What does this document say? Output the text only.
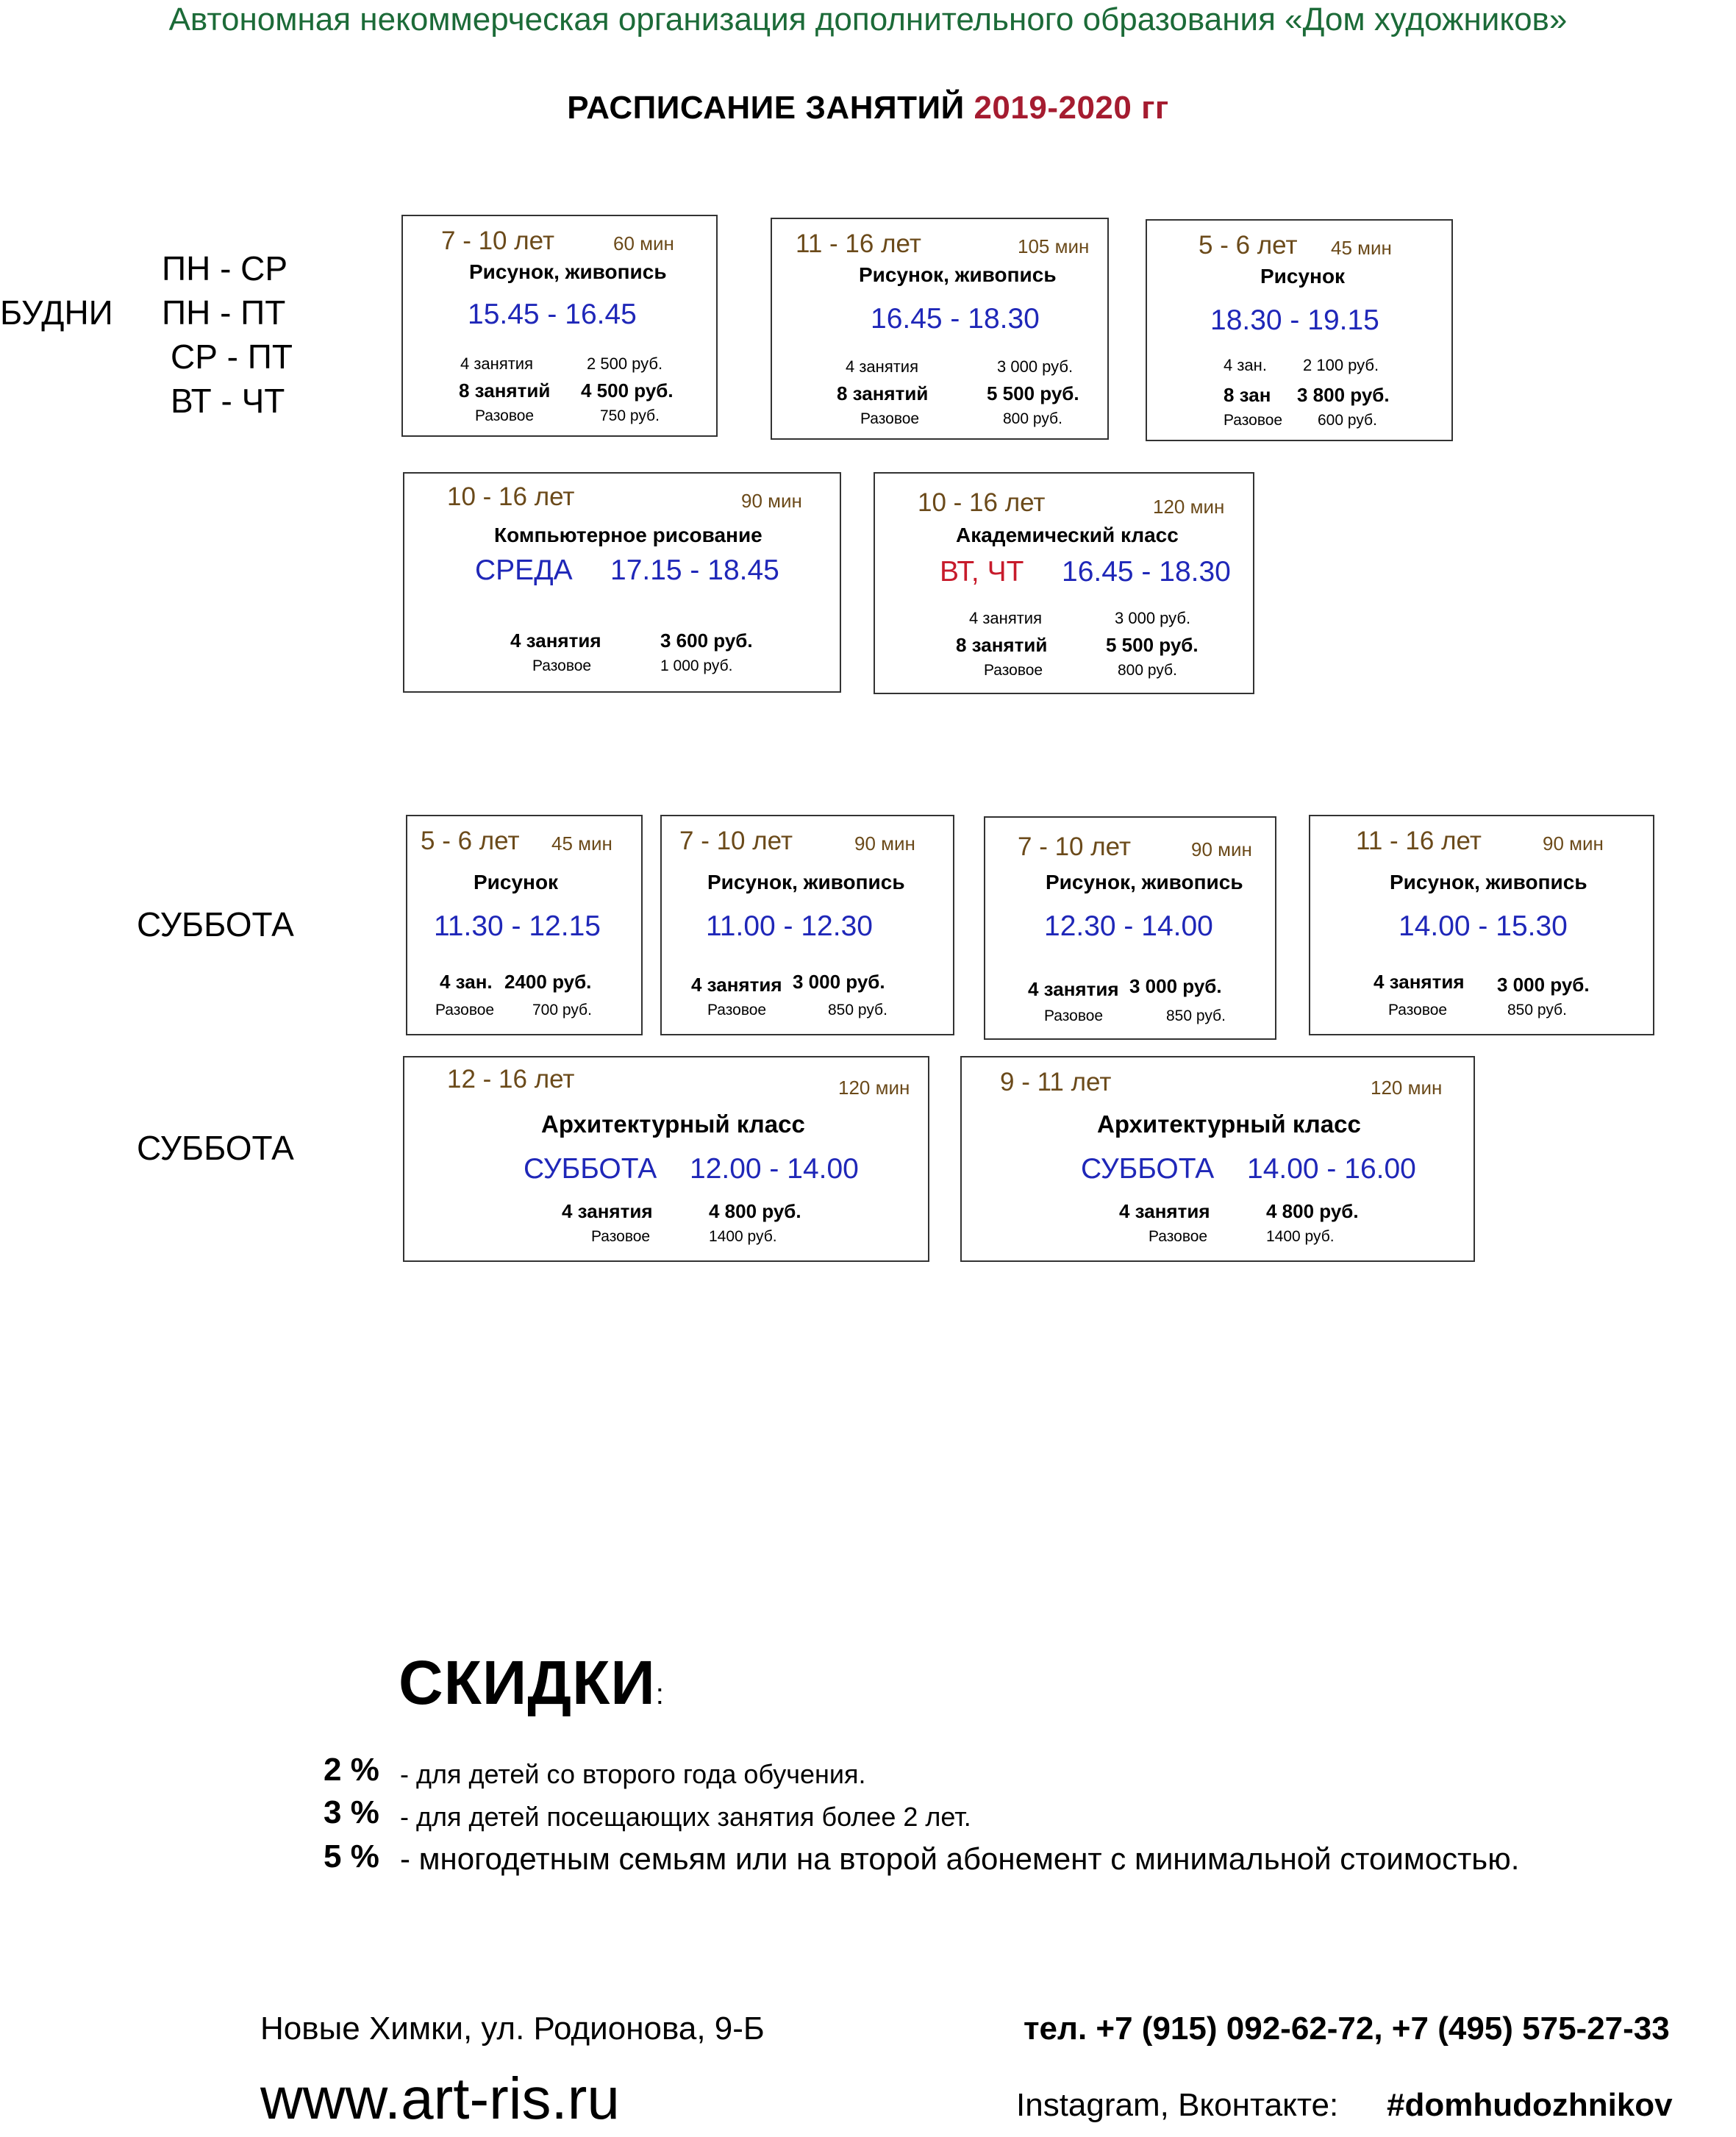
Автономная некоммерческая организация дополнительного образования «Дом художников»
РАСПИСАНИЕ ЗАНЯТИЙ 2019-2020 гг
БУДНИ
ПН - СР
ПН - ПТ
СР - ПТ
ВТ - ЧТ
СУББОТА
СУББОТА
7 - 10 лет	60 мин
Рисунок, живопись
15.45 - 16.45
4 занятия	2 500 руб.
8 занятий 4 500 руб.
Разовое	750 руб.
11 - 16 лет	105 мин
Рисунок, живопись
16.45 - 18.30
4 занятия	3 000 руб.
8 занятий	5 500 руб.
Разовое	800 руб.
5 - 6 лет 45 мин
Рисунок
18.30 - 19.15
4 зан. 2 100 руб.
8 зан 3 800 руб.
Разовое 600 руб.
10 - 16 лет	90 мин
Компьютерное рисование
СРЕДА 17.15 - 18.45
4 занятия	3 600 руб.
Разовое	1 000 руб.
10 - 16 лет	120 мин
Академический класс
ВТ, ЧТ 16.45 - 18.30
4 занятия	3 000 руб.
8 занятий	5 500 руб.
Разовое	800 руб.
5 - 6 лет 45 мин
Рисунок
11.30 - 12.15
4 зан. 2400 руб.
Разовое 700 руб.
7 - 10 лет	90 мин
Рисунок, живопись
11.00 - 12.30
4 занятия 3 000 руб.
Разовое	850 руб.
7 - 10 лет	90 мин
Рисунок, живопись
12.30 - 14.00
4 занятия 3 000 руб.
Разовое	850 руб.
11 - 16 лет	90 мин
Рисунок, живопись
14.00 - 15.30
4 занятия 3 000 руб.
Разовое	850 руб.
12 - 16 лет	120 мин
Архитектурный класс
СУББОТА 12.00 - 14.00
4 занятия	4 800 руб.
Разовое	1400 руб.
9 - 11 лет	120 мин
Архитектурный класс
СУББОТА 14.00 - 16.00
4 занятия	4 800 руб.
Разовое	1400 руб.
СКИДКИ:
2 % - для детей со второго года обучения.
3 % - для детей посещающих занятия более 2 лет.
5 % - многодетным семьям или на второй абонемент с минимальной стоимостью.
Новые Химки, ул. Родионова, 9-Б	тел. +7 (915) 092-62-72, +7 (495) 575-27-33
www.art-ris.ru	Instagram, Вконтакте: #domhudozhnikov
